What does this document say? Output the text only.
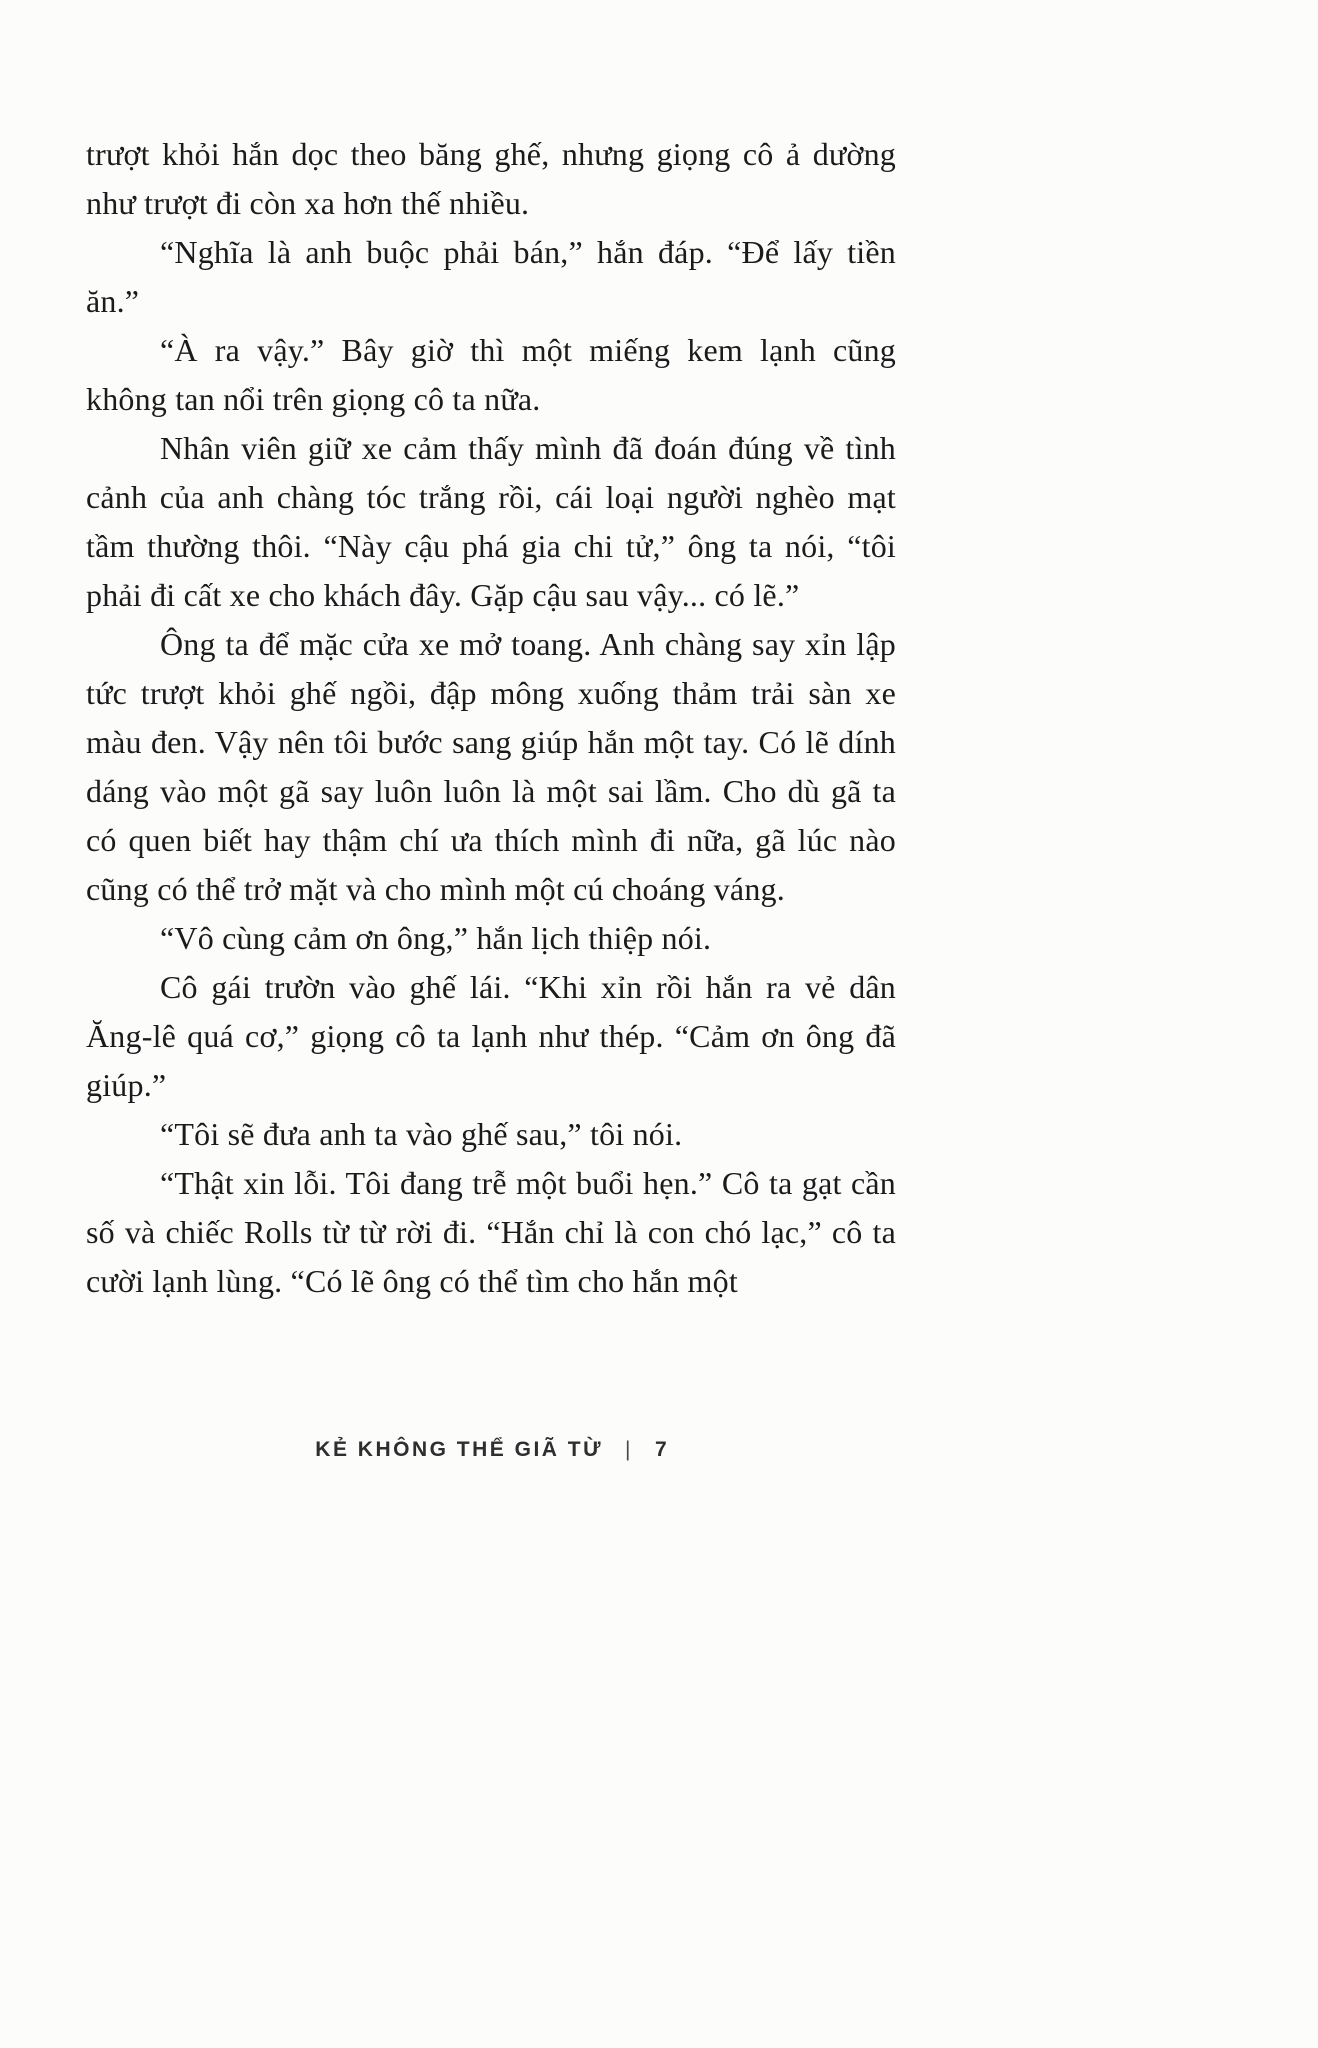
trượt khỏi hắn dọc theo băng ghế, nhưng giọng cô ả dường như trượt đi còn xa hơn thế nhiều.

“Nghĩa là anh buộc phải bán,” hắn đáp. “Để lấy tiền ăn.”

“À ra vậy.” Bây giờ thì một miếng kem lạnh cũng không tan nổi trên giọng cô ta nữa.

Nhân viên giữ xe cảm thấy mình đã đoán đúng về tình cảnh của anh chàng tóc trắng rồi, cái loại người nghèo mạt tầm thường thôi. “Này cậu phá gia chi tử,” ông ta nói, “tôi phải đi cất xe cho khách đây. Gặp cậu sau vậy... có lẽ.”

Ông ta để mặc cửa xe mở toang. Anh chàng say xỉn lập tức trượt khỏi ghế ngồi, đập mông xuống thảm trải sàn xe màu đen. Vậy nên tôi bước sang giúp hắn một tay. Có lẽ dính dáng vào một gã say luôn luôn là một sai lầm. Cho dù gã ta có quen biết hay thậm chí ưa thích mình đi nữa, gã lúc nào cũng có thể trở mặt và cho mình một cú choáng váng.

“Vô cùng cảm ơn ông,” hắn lịch thiệp nói.

Cô gái trườn vào ghế lái. “Khi xỉn rồi hắn ra vẻ dân Ăng-lê quá cơ,” giọng cô ta lạnh như thép. “Cảm ơn ông đã giúp.”

“Tôi sẽ đưa anh ta vào ghế sau,” tôi nói.

“Thật xin lỗi. Tôi đang trễ một buổi hẹn.” Cô ta gạt cần số và chiếc Rolls từ từ rời đi. “Hắn chỉ là con chó lạc,” cô ta cười lạnh lùng. “Có lẽ ông có thể tìm cho hắn một

KẺ KHÔNG THỂ GIÃ TỪ | 7
